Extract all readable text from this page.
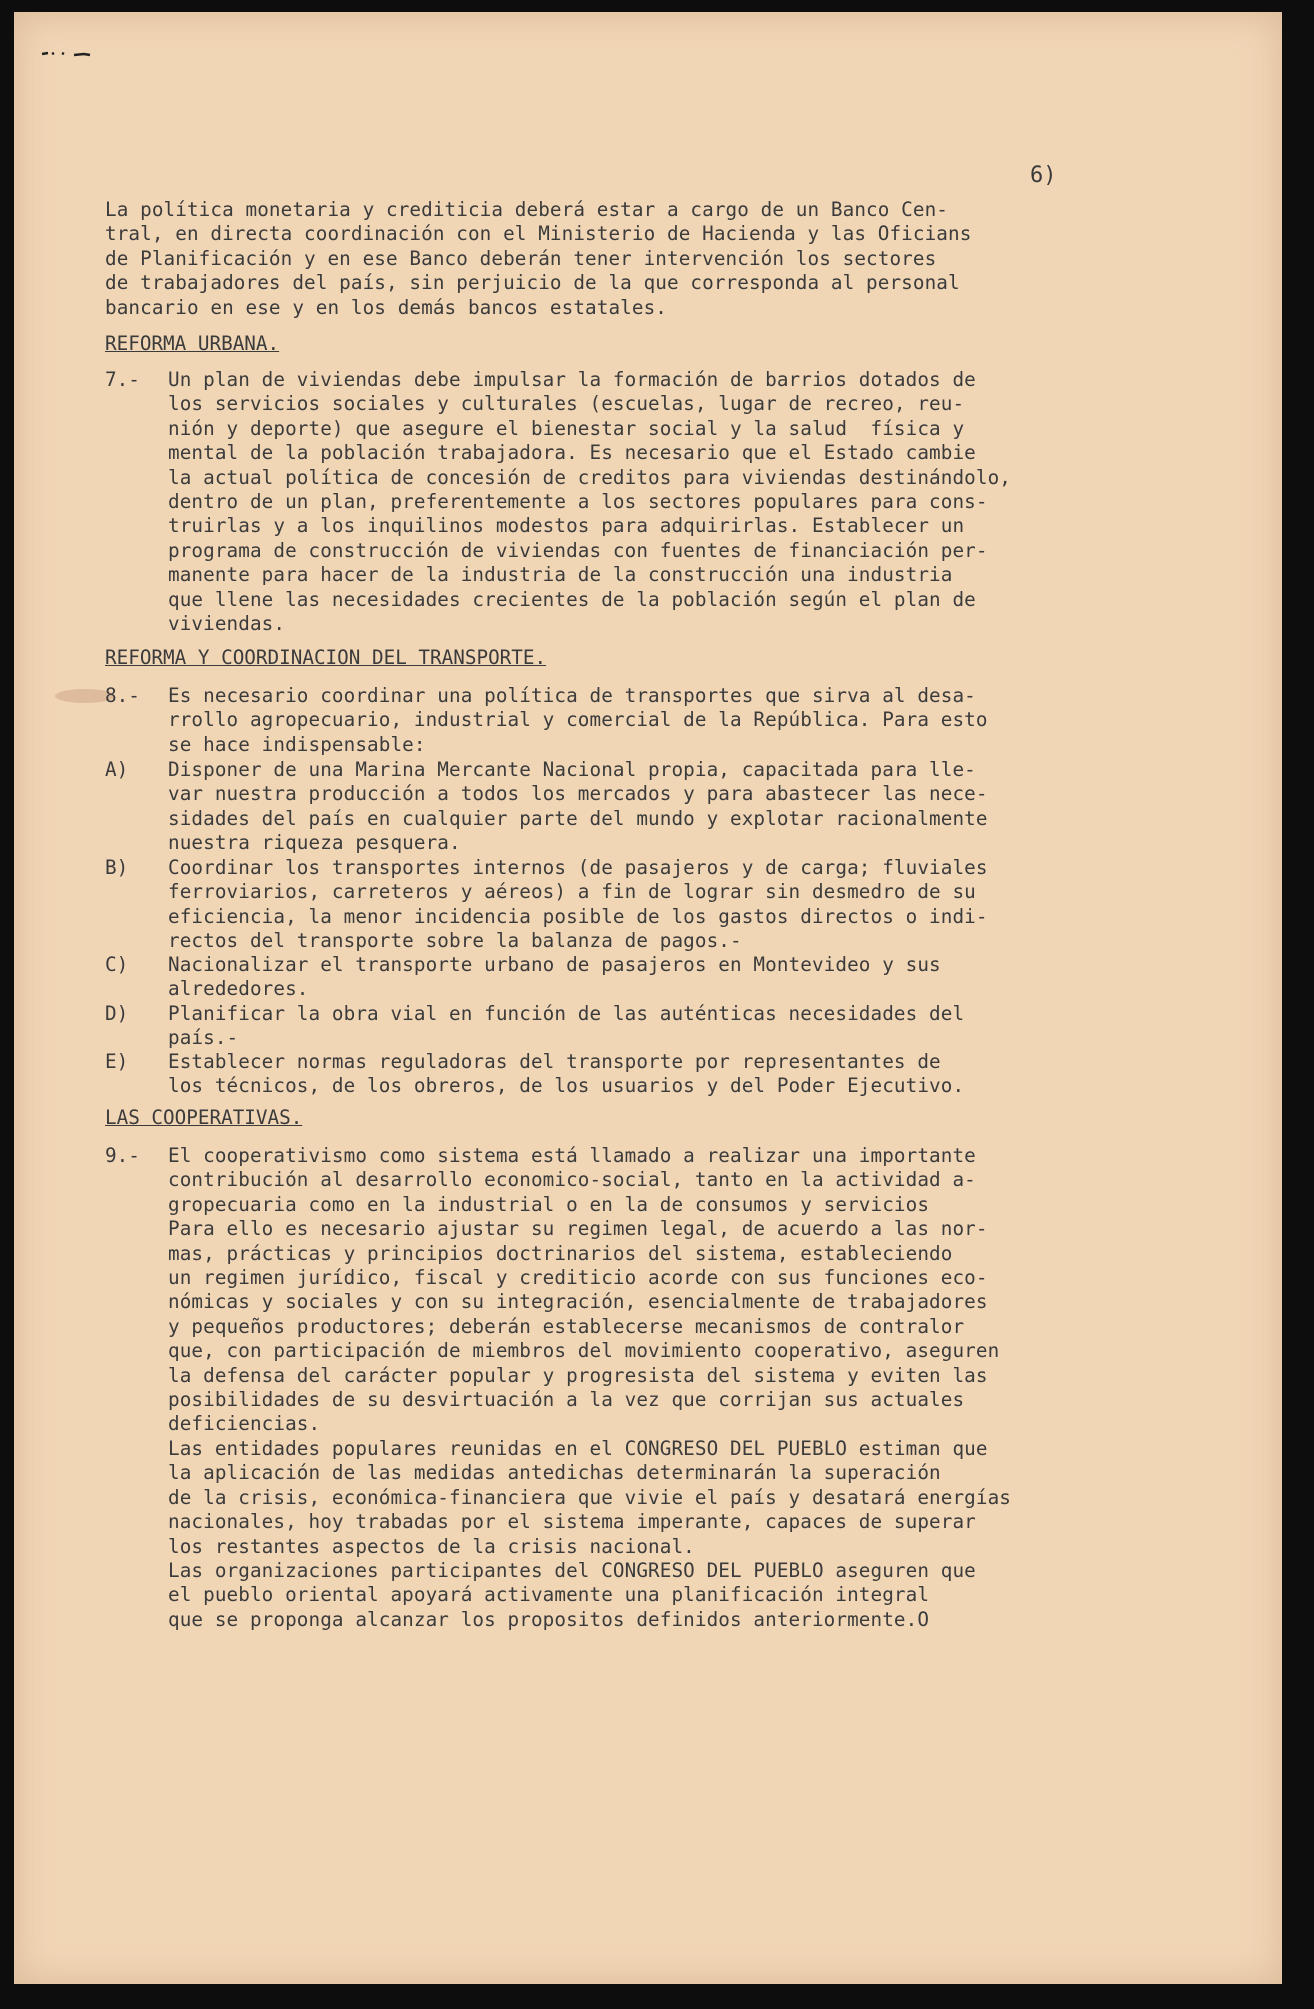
6)
La política monetaria y crediticia deberá estar a cargo de un Banco Cen-
tral, en directa coordinación con el Ministerio de Hacienda y las Oficians
de Planificación y en ese Banco deberán tener intervención los sectores
de trabajadores del país, sin perjuicio de la que corresponda al personal
bancario en ese y en los demás bancos estatales.
REFORMA URBANA.
7.- Un plan de viviendas debe impulsar la formación de barrios dotados de
los servicios sociales y culturales (escuelas, lugar de recreo, reu-
nión y deporte) que asegure el bienestar social y la salud  física y
mental de la población trabajadora. Es necesario que el Estado cambie
la actual política de concesión de creditos para viviendas destinándolo,
dentro de un plan, preferentemente a los sectores populares para cons-
truirlas y a los inquilinos modestos para adquirirlas. Establecer un
programa de construcción de viviendas con fuentes de financiación per-
manente para hacer de la industria de la construcción una industria
que llene las necesidades crecientes de la población según el plan de
viviendas.
REFORMA Y COORDINACION DEL TRANSPORTE.
8.- Es necesario coordinar una política de transportes que sirva al desa-
rrollo agropecuario, industrial y comercial de la República. Para esto
se hace indispensable:
A) Disponer de una Marina Mercante Nacional propia, capacitada para lle-
var nuestra producción a todos los mercados y para abastecer las nece-
sidades del país en cualquier parte del mundo y explotar racionalmente
nuestra riqueza pesquera.
B) Coordinar los transportes internos (de pasajeros y de carga; fluviales
ferroviarios, carreteros y aéreos) a fin de lograr sin desmedro de su
eficiencia, la menor incidencia posible de los gastos directos o indi-
rectos del transporte sobre la balanza de pagos.-
C) Nacionalizar el transporte urbano de pasajeros en Montevideo y sus
alrededores.
D) Planificar la obra vial en función de las auténticas necesidades del
país.-
E) Establecer normas reguladoras del transporte por representantes de
los técnicos, de los obreros, de los usuarios y del Poder Ejecutivo.
LAS COOPERATIVAS.
9.- El cooperativismo como sistema está llamado a realizar una importante
contribución al desarrollo economico-social, tanto en la actividad a-
gropecuaria como en la industrial o en la de consumos y servicios
Para ello es necesario ajustar su regimen legal, de acuerdo a las nor-
mas, prácticas y principios doctrinarios del sistema, estableciendo
un regimen jurídico, fiscal y crediticio acorde con sus funciones eco-
nómicas y sociales y con su integración, esencialmente de trabajadores
y pequeños productores; deberán establecerse mecanismos de contralor
que, con participación de miembros del movimiento cooperativo, aseguren
la defensa del carácter popular y progresista del sistema y eviten las
posibilidades de su desvirtuación a la vez que corrijan sus actuales
deficiencias.
Las entidades populares reunidas en el CONGRESO DEL PUEBLO estiman que
la aplicación de las medidas antedichas determinarán la superación
de la crisis, económica-financiera que vivie el país y desatará energías
nacionales, hoy trabadas por el sistema imperante, capaces de superar
los restantes aspectos de la crisis nacional.
Las organizaciones participantes del CONGRESO DEL PUEBLO aseguren que
el pueblo oriental apoyará activamente una planificación integral
que se proponga alcanzar los propositos definidos anteriormente.O
